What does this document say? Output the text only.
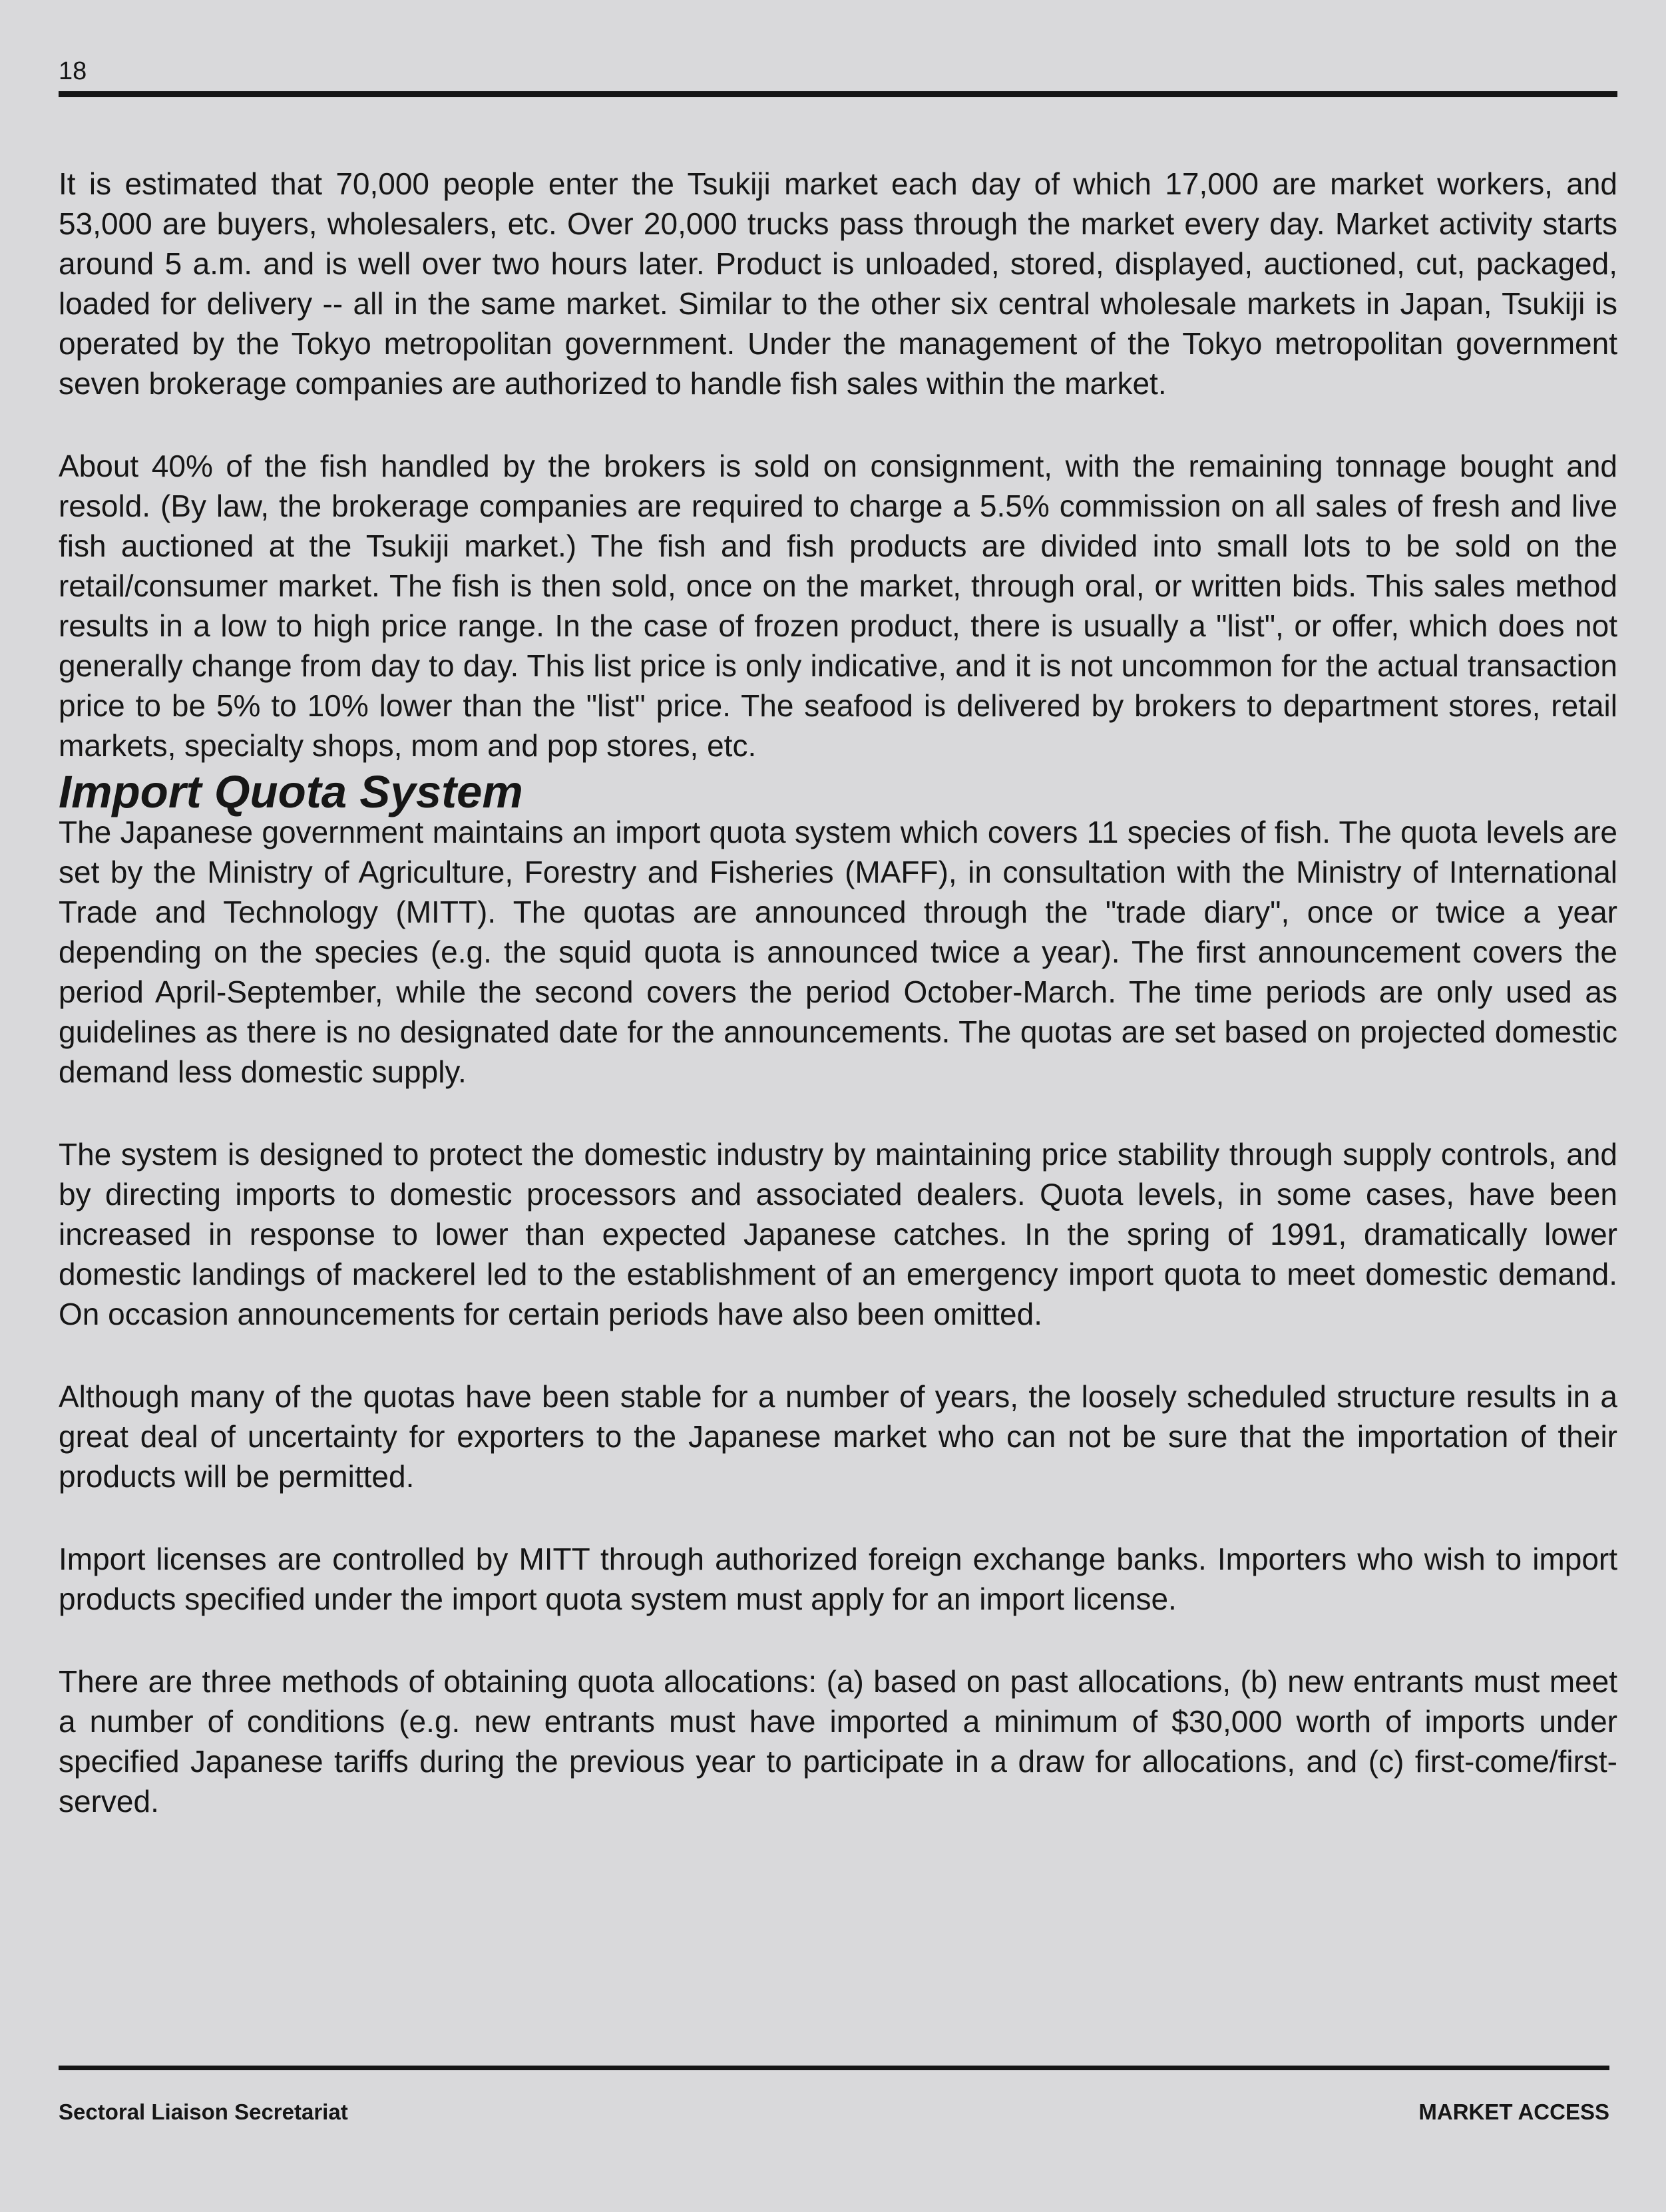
18

It is estimated that 70,000 people enter the Tsukiji market each day of which 17,000 are market workers, and 53,000 are buyers, wholesalers, etc. Over 20,000 trucks pass through the market every day. Market activity starts around 5 a.m. and is well over two hours later. Product is unloaded, stored, displayed, auctioned, cut, packaged, loaded for delivery -- all in the same market. Similar to the other six central wholesale markets in Japan, Tsukiji is operated by the Tokyo metropolitan government. Under the management of the Tokyo metropolitan government seven brokerage companies are authorized to handle fish sales within the market.

About 40% of the fish handled by the brokers is sold on consignment, with the remaining tonnage bought and resold. (By law, the brokerage companies are required to charge a 5.5% commission on all sales of fresh and live fish auctioned at the Tsukiji market.) The fish and fish products are divided into small lots to be sold on the retail/consumer market. The fish is then sold, once on the market, through oral, or written bids. This sales method results in a low to high price range. In the case of frozen product, there is usually a "list", or offer, which does not generally change from day to day. This list price is only indicative, and it is not uncommon for the actual transaction price to be 5% to 10% lower than the "list" price. The seafood is delivered by brokers to department stores, retail markets, specialty shops, mom and pop stores, etc.

Import Quota System

The Japanese government maintains an import quota system which covers 11 species of fish. The quota levels are set by the Ministry of Agriculture, Forestry and Fisheries (MAFF), in consultation with the Ministry of International Trade and Technology (MITT). The quotas are announced through the "trade diary", once or twice a year depending on the species (e.g. the squid quota is announced twice a year). The first announcement covers the period April-September, while the second covers the period October-March. The time periods are only used as guidelines as there is no designated date for the announcements. The quotas are set based on projected domestic demand less domestic supply.

The system is designed to protect the domestic industry by maintaining price stability through supply controls, and by directing imports to domestic processors and associated dealers. Quota levels, in some cases, have been increased in response to lower than expected Japanese catches. In the spring of 1991, dramatically lower domestic landings of mackerel led to the establishment of an emergency import quota to meet domestic demand. On occasion announcements for certain periods have also been omitted.

Although many of the quotas have been stable for a number of years, the loosely scheduled structure results in a great deal of uncertainty for exporters to the Japanese market who can not be sure that the importation of their products will be permitted.

Import licenses are controlled by MITT through authorized foreign exchange banks. Importers who wish to import products specified under the import quota system must apply for an import license.

There are three methods of obtaining quota allocations: (a) based on past allocations, (b) new entrants must meet a number of conditions (e.g. new entrants must have imported a minimum of $30,000 worth of imports under specified Japanese tariffs during the previous year to participate in a draw for allocations, and (c) first-come/first-served.

Sectoral Liaison Secretariat	MARKET ACCESS
